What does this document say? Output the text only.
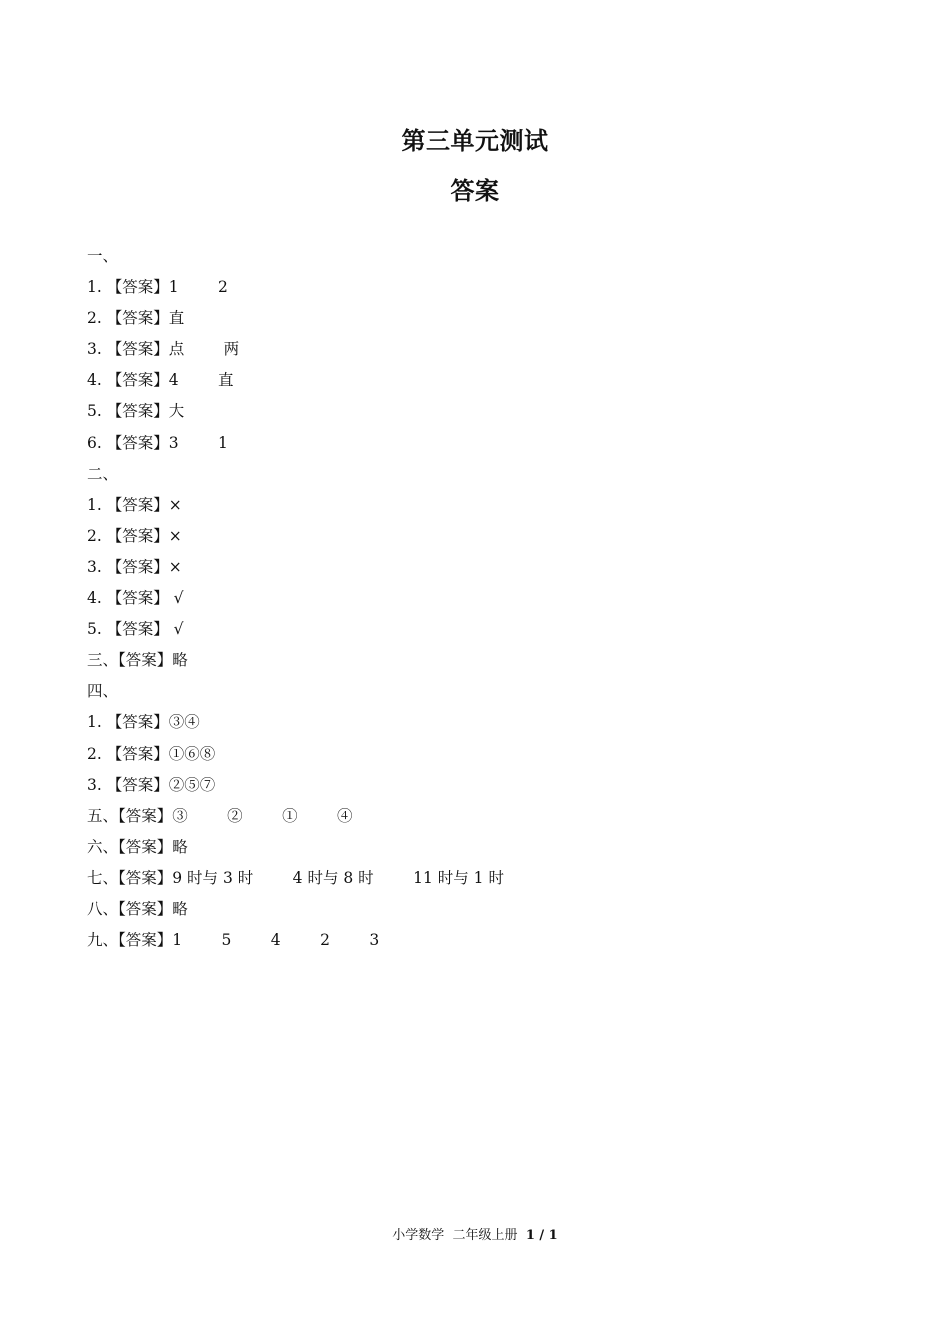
第三单元测试
答案
一、
1. 【答案】1        2
2. 【答案】直
3. 【答案】点        两
4. 【答案】4        直
5. 【答案】大
6. 【答案】3        1
二、
1. 【答案】×
2. 【答案】×
3. 【答案】×
4. 【答案】 √
5. 【答案】 √
三、【答案】略
四、
1. 【答案】③④
2. 【答案】①⑥⑧
3. 【答案】②⑤⑦
五、【答案】③        ②        ①        ④
六、【答案】略
七、【答案】9 时与 3 时        4 时与 8 时        11 时与 1 时
八、【答案】略
九、【答案】1        5        4        2        3
小学数学  二年级上册  1 / 1
